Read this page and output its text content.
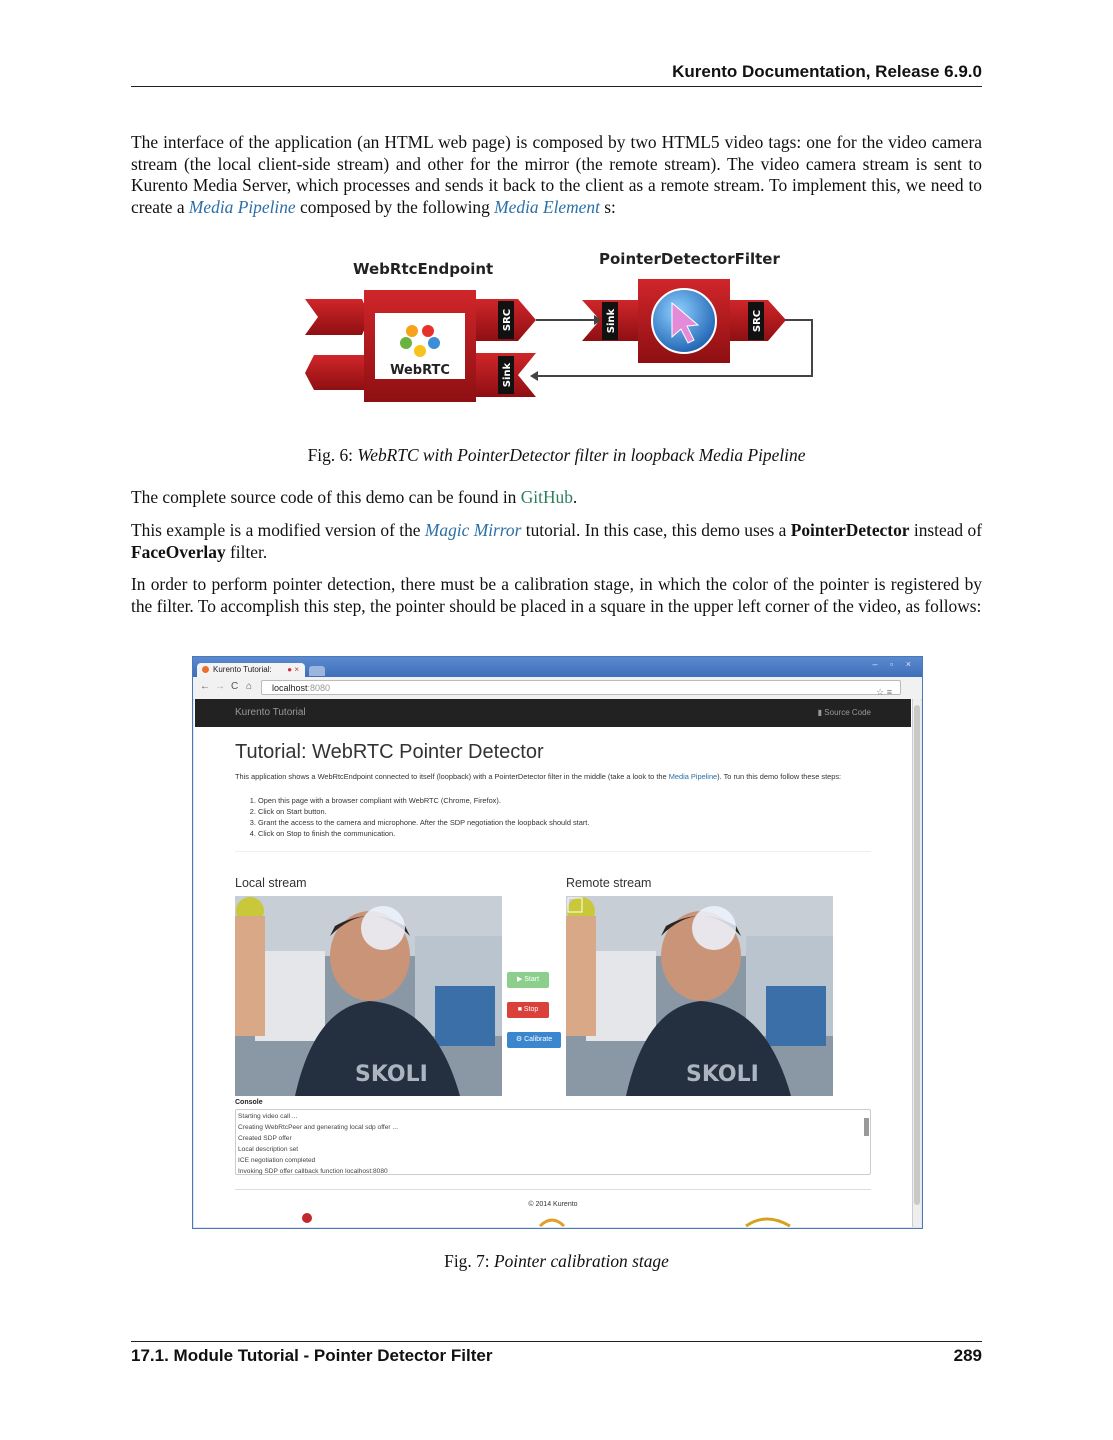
Kurento Documentation, Release 6.9.0

The interface of the application (an HTML web page) is composed by two HTML5 video tags: one for the video camera stream (the local client-side stream) and other for the mirror (the remote stream). The video camera stream is sent to Kurento Media Server, which processes and sends it back to the client as a remote stream. To implement this, we need to create a Media Pipeline composed by the following Media Element s:

WebRtcEndpoint
PointerDetectorFilter
WebRTC
SRC
Sink
Sink	SRC
Fig. 6: WebRTC with PointerDetector filter in loopback Media Pipeline

The complete source code of this demo can be found in GitHub.

This example is a modified version of the Magic Mirror tutorial. In this case, this demo uses a PointerDetector instead of FaceOverlay filter.

In order to perform pointer detection, there must be a calibration stage, in which the color of the pointer is registered by the filter. To accomplish this step, the pointer should be placed in a square in the upper left corner of the video, as follows:

Kurento Tutorial: ● ×
– ▫ ×
← → C ⌂	localhost:8080	☆ ≡
Kurento Tutorial	▮ Source Code
Tutorial: WebRTC Pointer Detector
This application shows a WebRtcEndpoint connected to itself (loopback) with a PointerDetector filter in the middle (take a look to the Media Pipeline). To run this demo follow these steps:
1. Open this page with a browser compliant with WebRTC (Chrome, Firefox).
2. Click on Start button.
3. Grant the access to the camera and microphone. After the SDP negotiation the loopback should start.
4. Click on Stop to finish the communication.
Local stream	Remote stream
SKOLI	SKOLI
▶ Start
■ Stop
⚙ Calibrate
Console
Starting video call ...
Creating WebRtcPeer and generating local sdp offer ...
Created SDP offer
Local description set
ICE negotiation completed
Invoking SDP offer callback function localhost:8080
© 2014 Kurento
Fig. 7: Pointer calibration stage
17.1. Module Tutorial - Pointer Detector Filter	289
